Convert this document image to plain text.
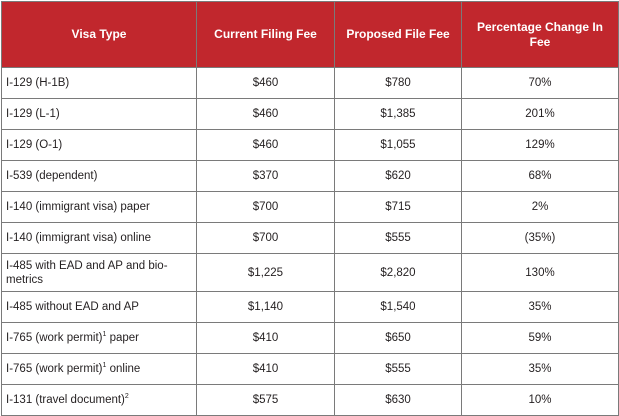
Visa Type	Current Filing Fee	Proposed File Fee	Percentage Change In Fee
I-129 (H-1B)	$460	$780	70%
I-129 (L-1)	$460	$1,385	201%
I-129 (O-1)	$460	$1,055	129%
I-539 (dependent)	$370	$620	68%
I-140 (immigrant visa) paper	$700	$715	2%
I-140 (immigrant visa) online	$700	$555	(35%)
I-485 with EAD and AP and bio-metrics	$1,225	$2,820	130%
I-485 without EAD and AP	$1,140	$1,540	35%
I-765 (work permit)$^1$ paper	$410	$650	59%
I-765 (work permit)$^1$ online	$410	$555	35%
I-131 (travel document)$^2$	$575	$630	10%
